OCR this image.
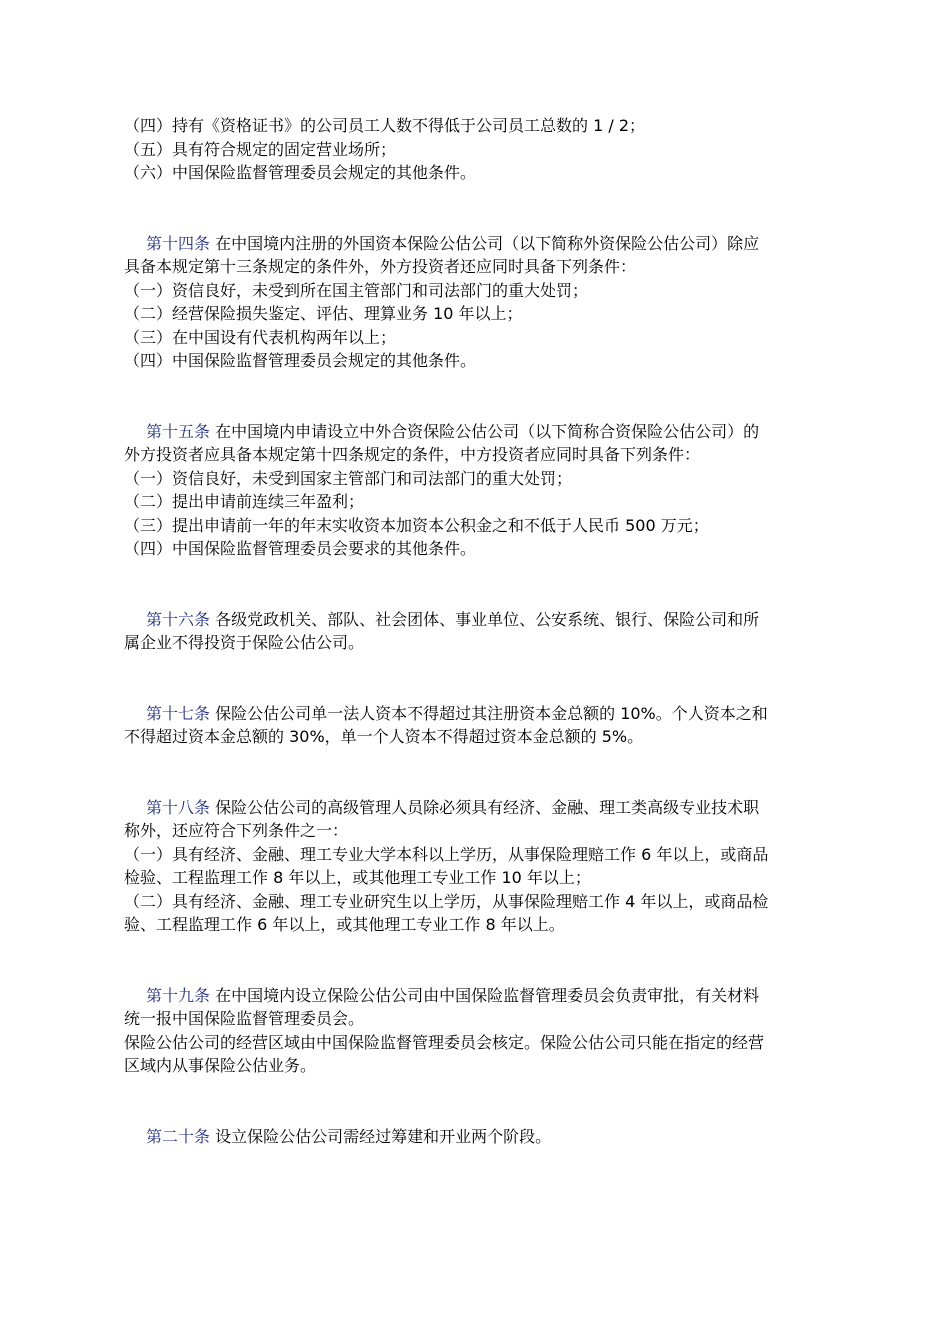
（四）持有《资格证书》的公司员工人数不得低于公司员工总数的 1 / 2；

（五）具有符合规定的固定营业场所；

（六）中国保险监督管理委员会规定的其他条件。

第十四条 在中国境内注册的外国资本保险公估公司（以下简称外资保险公估公司）除应

具备本规定第十三条规定的条件外，外方投资者还应同时具备下列条件：

（一）资信良好，未受到所在国主管部门和司法部门的重大处罚；

（二）经营保险损失鉴定、评估、理算业务 10 年以上；

（三）在中国设有代表机构两年以上；

（四）中国保险监督管理委员会规定的其他条件。

第十五条 在中国境内申请设立中外合资保险公估公司（以下简称合资保险公估公司）的

外方投资者应具备本规定第十四条规定的条件，中方投资者应同时具备下列条件：

（一）资信良好，未受到国家主管部门和司法部门的重大处罚；

（二）提出申请前连续三年盈利；

（三）提出申请前一年的年末实收资本加资本公积金之和不低于人民币 500 万元；

（四）中国保险监督管理委员会要求的其他条件。

第十六条 各级党政机关、部队、社会团体、事业单位、公安系统、银行、保险公司和所

属企业不得投资于保险公估公司。

第十七条 保险公估公司单一法人资本不得超过其注册资本金总额的 10%。个人资本之和

不得超过资本金总额的 30%，单一个人资本不得超过资本金总额的 5%。

第十八条 保险公估公司的高级管理人员除必须具有经济、金融、理工类高级专业技术职

称外，还应符合下列条件之一：

（一）具有经济、金融、理工专业大学本科以上学历，从事保险理赔工作 6 年以上，或商品

检验、工程监理工作 8 年以上，或其他理工专业工作 10 年以上；

（二）具有经济、金融、理工专业研究生以上学历，从事保险理赔工作 4 年以上，或商品检

验、工程监理工作 6 年以上，或其他理工专业工作 8 年以上。

第十九条 在中国境内设立保险公估公司由中国保险监督管理委员会负责审批，有关材料

统一报中国保险监督管理委员会。

保险公估公司的经营区域由中国保险监督管理委员会核定。保险公估公司只能在指定的经营

区域内从事保险公估业务。

第二十条 设立保险公估公司需经过筹建和开业两个阶段。
